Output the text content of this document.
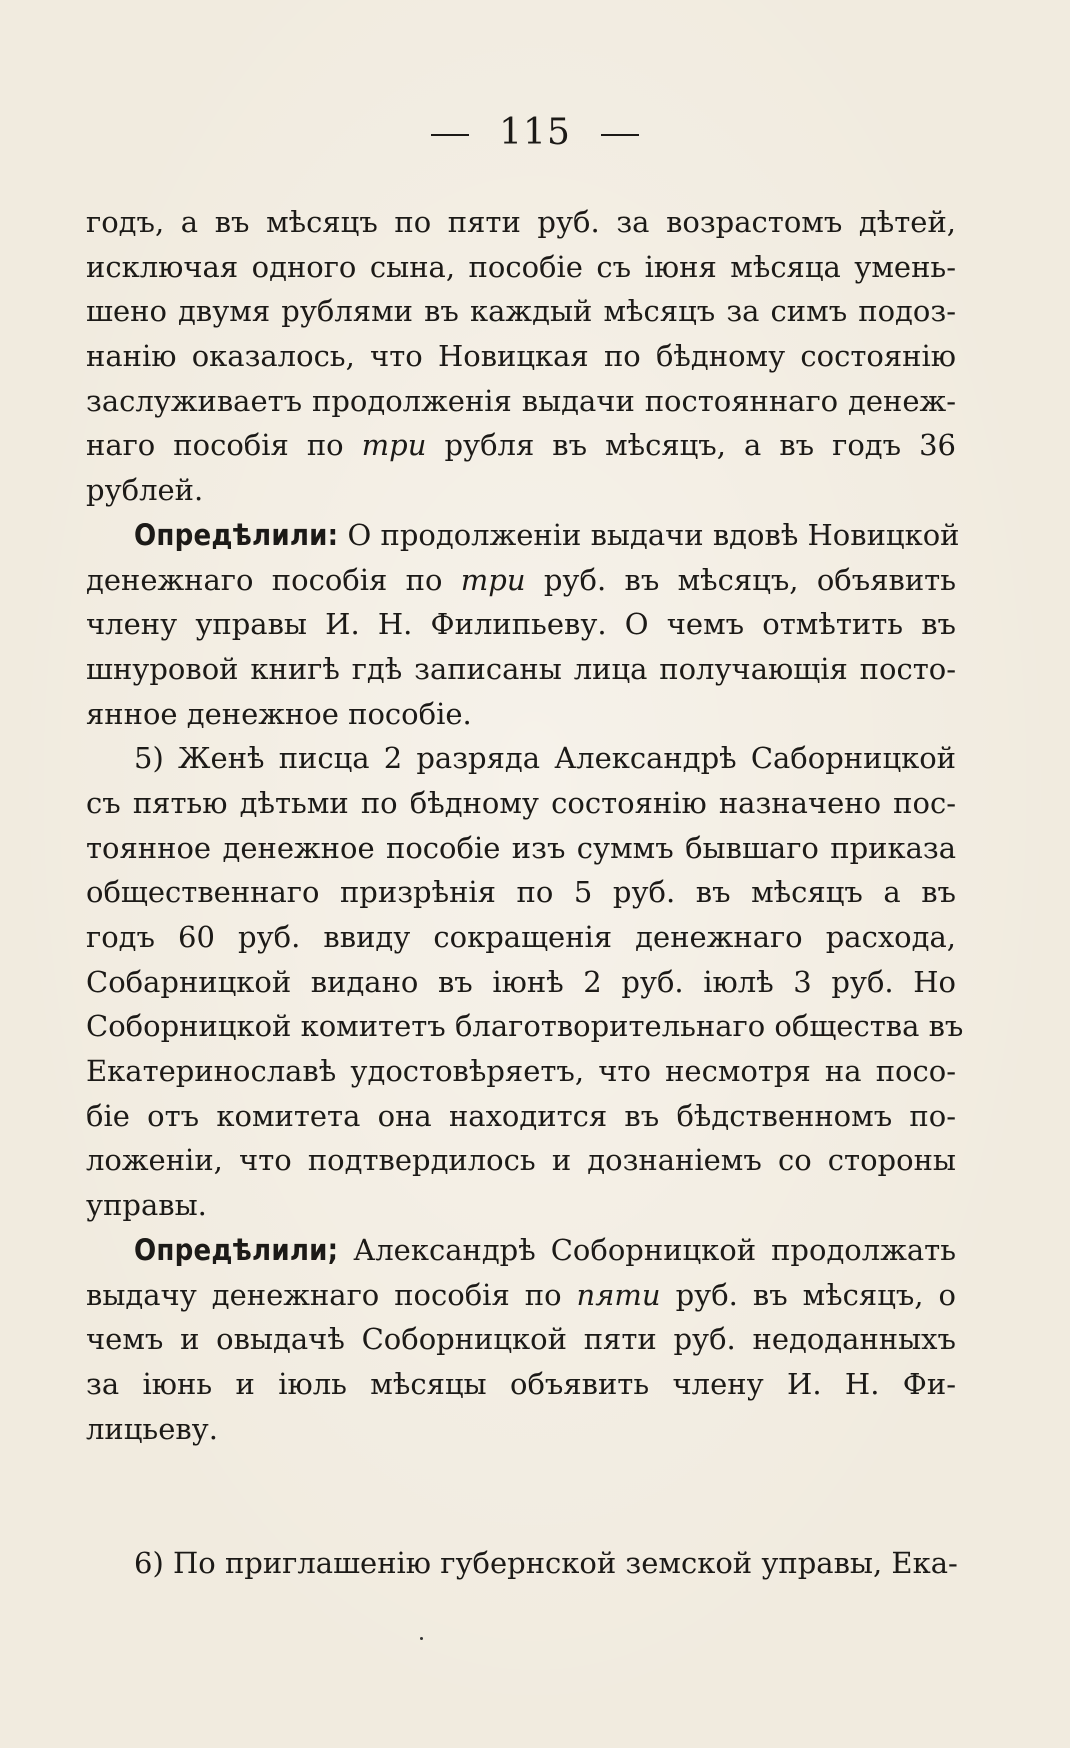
115
годъ, а въ мѣсяцъ по пяти руб. за возрастомъ дѣтей,
исключая одного сына, пособіе съ іюня мѣсяца умень-
шено двумя рублями въ каждый мѣсяцъ за симъ подоз-
нанію оказалось, что Новицкая по бѣдному состоянію
заслуживаетъ продолженія выдачи постояннаго денеж-
наго пособія по три рубля въ мѣсяцъ, а въ годъ 36
рублей.
Опредѣлили: О продолженіи выдачи вдовѣ Новицкой
денежнаго пособія по три руб. въ мѣсяцъ, объявить
члену управы И. Н. Филипьеву. О чемъ отмѣтить въ
шнуровой книгѣ гдѣ записаны лица получающія посто-
янное денежное пособіе.
5) Женѣ писца 2 разряда Александрѣ Саборницкой
съ пятью дѣтьми по бѣдному состоянію назначено пос-
тоянное денежное пособіе изъ суммъ бывшаго приказа
общественнаго призрѣнія по 5 руб. въ мѣсяцъ а въ
годъ 60 руб. ввиду сокращенія денежнаго расхода,
Собарницкой видано въ іюнѣ 2 руб. іюлѣ 3 руб. Но
Соборницкой комитетъ благотворительнаго общества въ
Екатеринославѣ удостовѣряетъ, что несмотря на посо-
біе отъ комитета она находится въ бѣдственномъ по-
ложеніи, что подтвердилось и дознаніемъ со стороны
управы.
Опредѣлили; Александрѣ Соборницкой продолжать
выдачу денежнаго пособія по пяти руб. въ мѣсяцъ, о
чемъ и овыдачѣ Соборницкой пяти руб. недоданныхъ
за іюнь и іюль мѣсяцы объявить члену И. Н. Фи-
лицьеву.
6) По приглашенію губернской земской управы, Ека-
